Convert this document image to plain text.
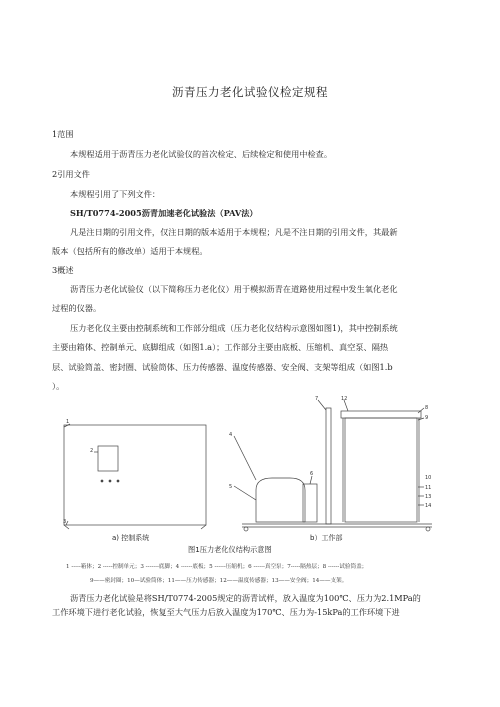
沥青压力老化试验仪检定规程
1范围
本规程适用于沥青压力老化试验仪的首次检定、后续检定和使用中检查。
2引用文件
本规程引用了下列文件：
SH/T0774-2005沥青加速老化试验法（PAV法）
凡是注日期的引用文件，仅注日期的版本适用于本规程；凡是不注日期的引用文件，其最新
版本（包括所有的修改单）适用于本规程。
3概述
沥青压力老化试验仪（以下简称压力老化仪）用于模拟沥青在道路使用过程中发生氧化老化
过程的仪器。
压力老化仪主要由控制系统和工作部分组成（压力老化仪结构示意图如图1)，其中控制系统
主要由箱体、控制单元、底脚组成（如图1.a）；工作部分主要由底板、压缩机、真空泵、隔热
层、试验筒盖、密封圈、试验筒体、压力传感器、温度传感器、安全阀、支架等组成（如图1.b
）。
1
2
3
4
5
6
7
8
9
10
11
12
13
14
a) 控制系统	b）工作部
图1压力老化仪结构示意图
1 -----箱体；2 -----控制单元；3 -------底脚；4 ------底板；5 ------压缩机；6 ------真空泵；7-----隔热层；8 ------试验筒盖；
9——密封圈；10—试验筒体；11——压力传感器；12——温度传感器；13——安全阀；14——支架。
沥青压力老化试验是将SH/T0774-2005规定的沥青试样，放入温度为100℃、压力为2.1MPa的
工作环境下进行老化试验，恢复至大气压力后放入温度为170℃、压力为-15kPa的工作环境下进
